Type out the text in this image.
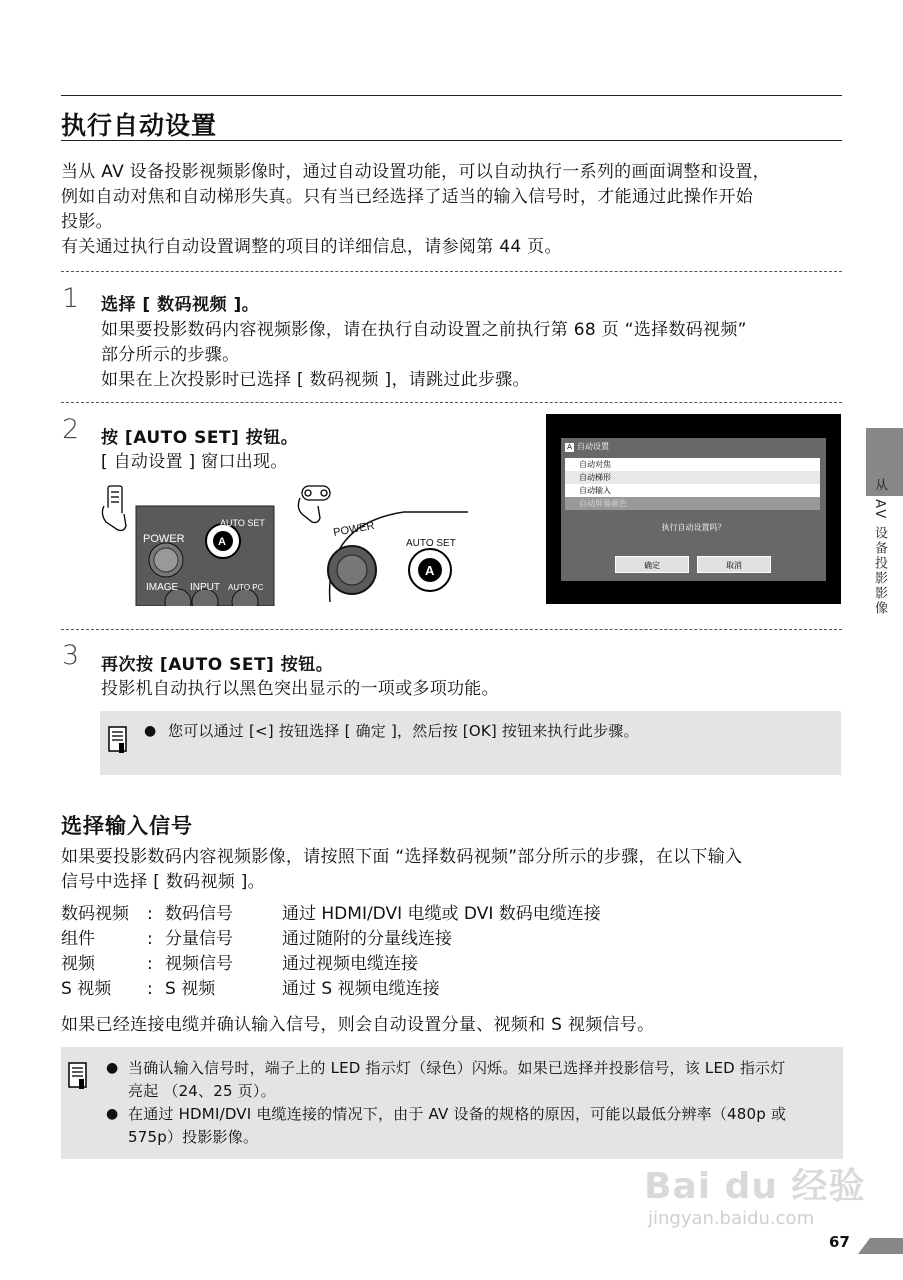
执行自动设置
当从 AV 设备投影视频影像时，通过自动设置功能，可以自动执行一系列的画面调整和设置，
例如自动对焦和自动梯形失真。只有当已经选择了适当的输入信号时，才能通过此操作开始
投影。
有关通过执行自动设置调整的项目的详细信息，请参阅第 44 页。
1 选择 [ 数码视频 ]。
如果要投影数码内容视频影像，请在执行自动设置之前执行第 68 页 “选择数码视频”
部分所示的步骤。
如果在上次投影时已选择 [ 数码视频 ]，请跳过此步骤。
2 按 [AUTO SET] 按钮。
[ 自动设置 ] 窗口出现。
POWER
AUTO SET
A
IMAGE INPUT AUTO PC
POWER
AUTO SET
A
A 自动设置
自动对焦
自动梯形
自动输入
自动屏幕颜色
执行自动设置吗？
确定	取消
3 再次按 [AUTO SET] 按钮。
投影机自动执行以黑色突出显示的一项或多项功能。
● 您可以通过 [<] 按钮选择 [ 确定 ]，然后按 [OK] 按钮来执行此步骤。
选择输入信号
如果要投影数码内容视频影像，请按照下面 “选择数码视频”部分所示的步骤，在以下输入
信号中选择 [ 数码视频 ]。
数码视频 : 数码信号	通过 HDMI/DVI 电缆或 DVI 数码电缆连接
组件	: 分量信号	通过随附的分量线连接
视频	: 视频信号	通过视频电缆连接
S 视频 : S 视频	通过 S 视频电缆连接
如果已经连接电缆并确认输入信号，则会自动设置分量、视频和 S 视频信号。
● 当确认输入信号时，端子上的 LED 指示灯（绿色）闪烁。如果已选择并投影信号，该 LED 指示灯
亮起 （24、25 页）。
● 在通过 HDMI/DVI 电缆连接的情况下，由于 AV 设备的规格的原因，可能以最低分辨率（480p 或
575p）投影影像。
从 AV 设备投影影像
Bai du 经验
jingyan.baidu.com
67
